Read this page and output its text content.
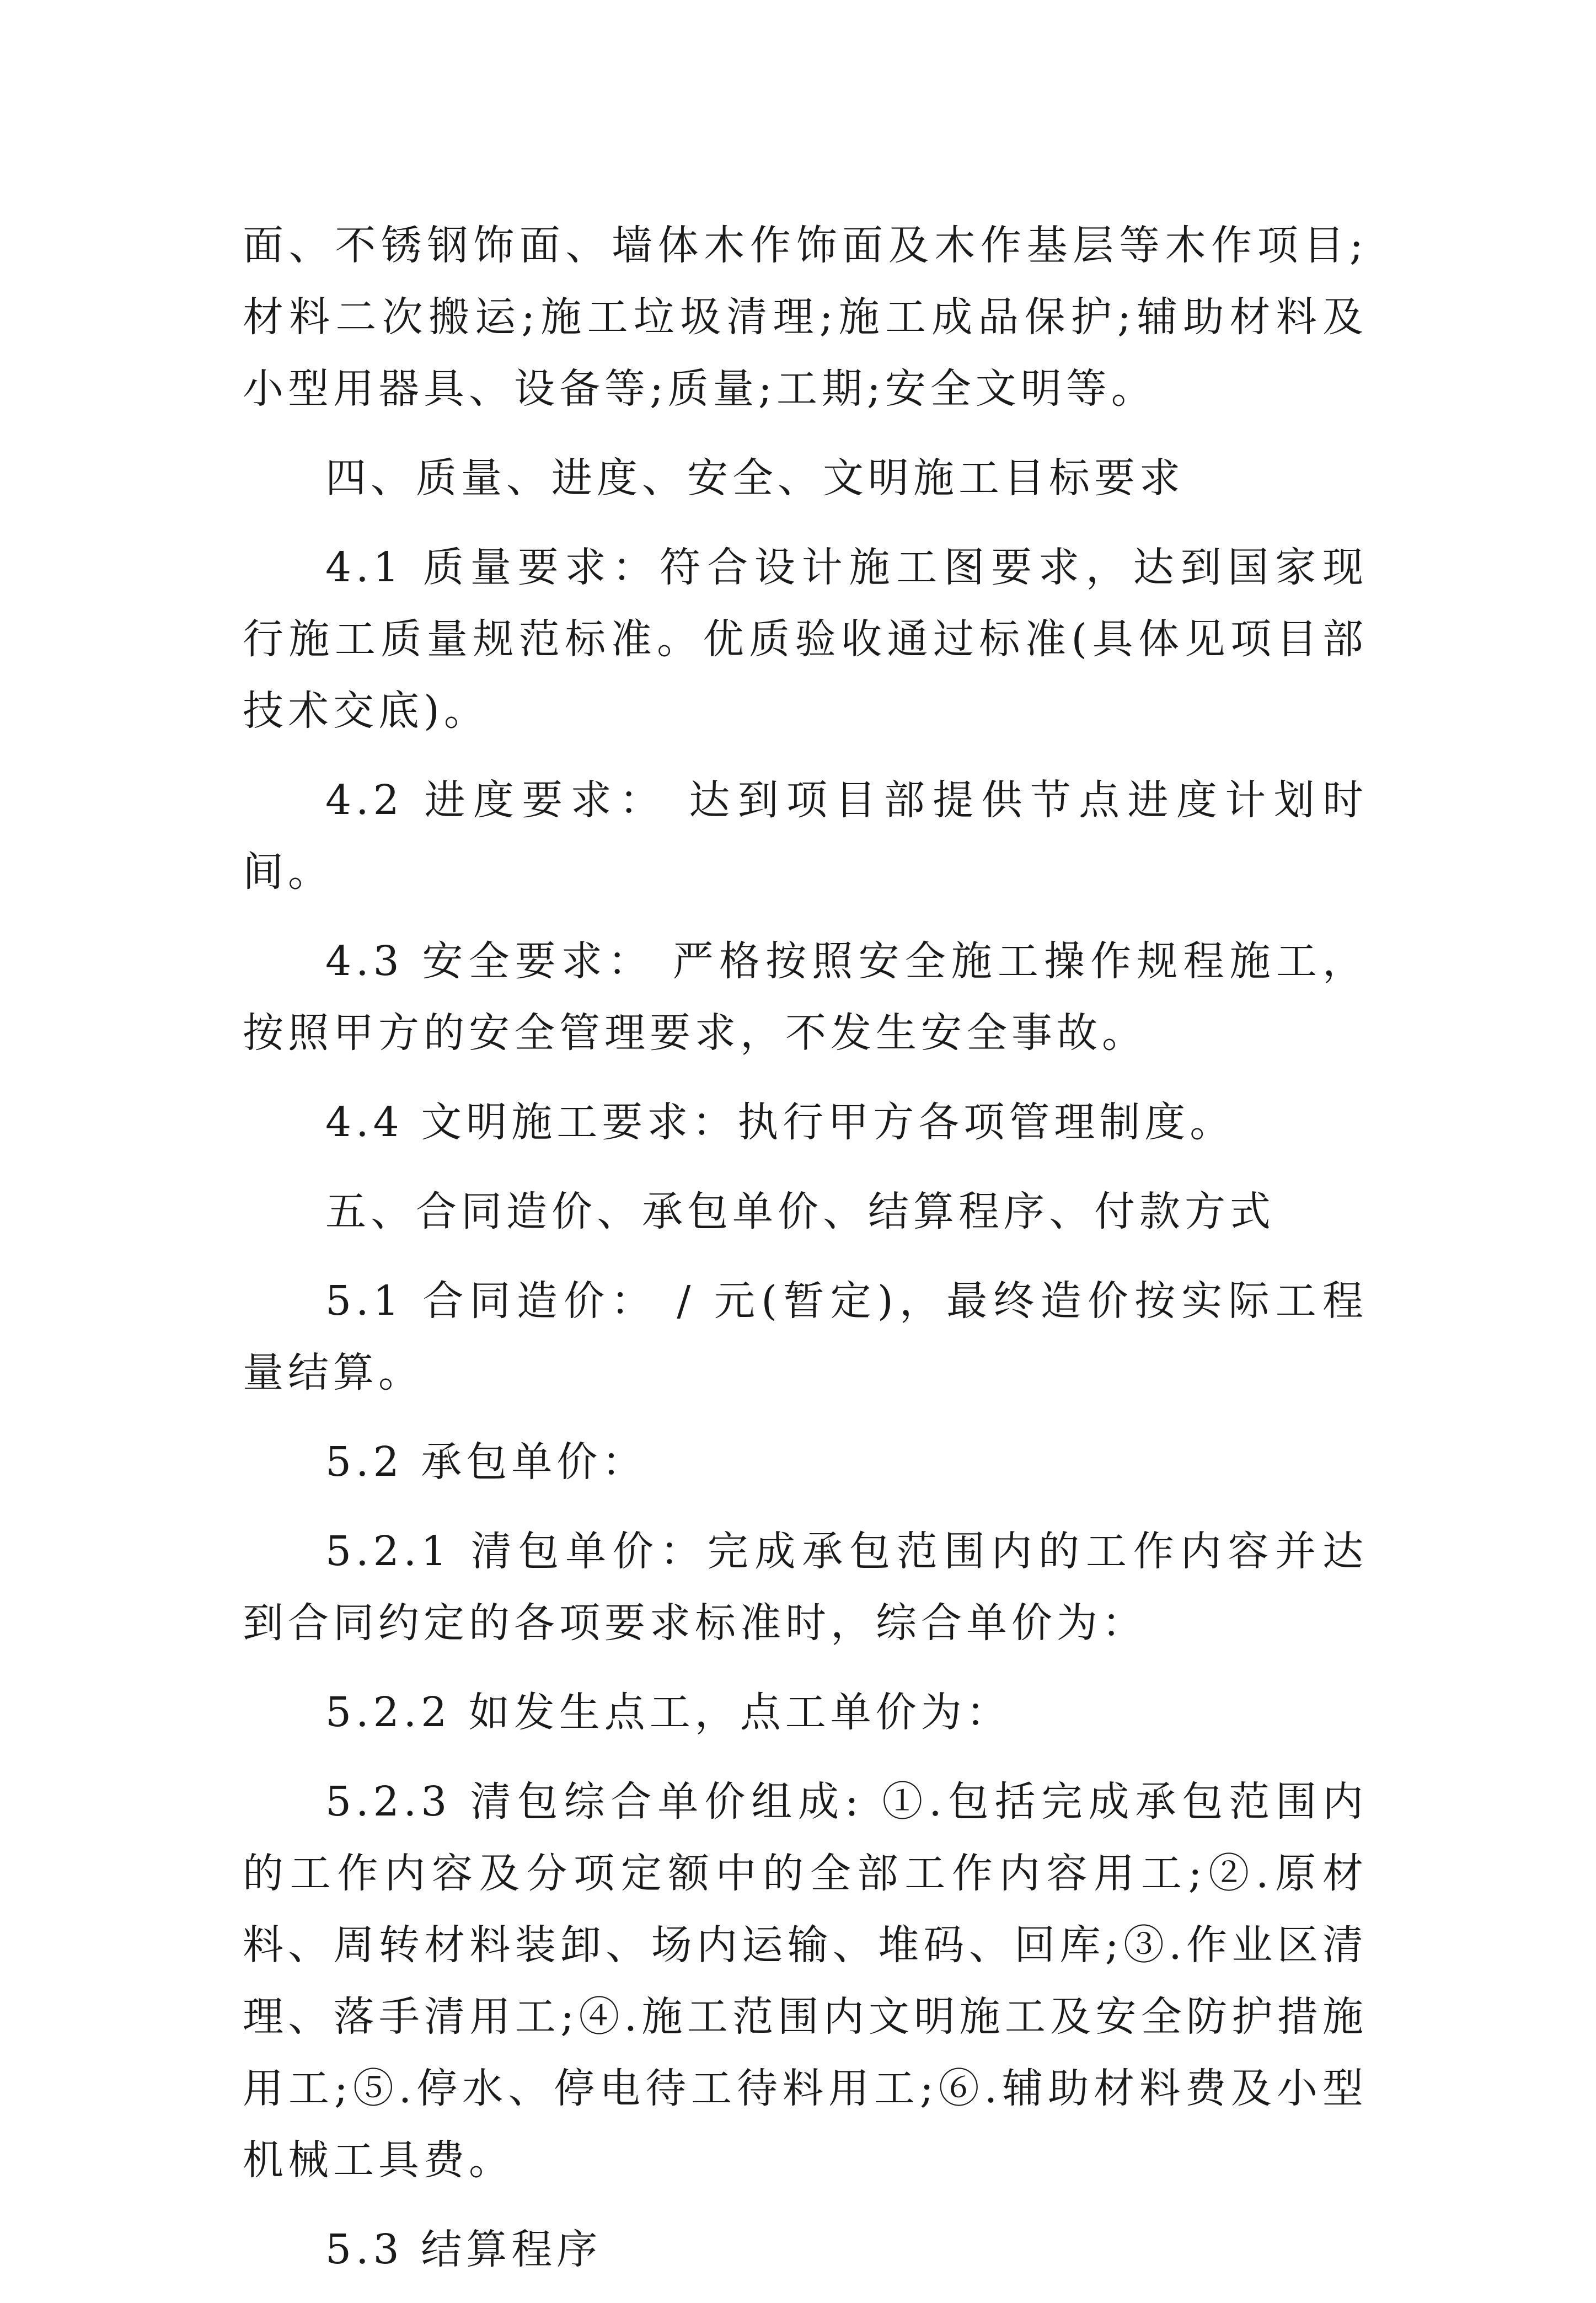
面、不锈钢饰面、墙体木作饰面及木作基层等木作项目;材料二次搬运;施工垃圾清理;施工成品保护;辅助材料及小型用器具、设备等;质量;工期;安全文明等。

四、质量、进度、安全、文明施工目标要求

4.1 质量要求：符合设计施工图要求，达到国家现行施工质量规范标准。优质验收通过标准(具体见项目部技术交底)。

4.2 进度要求： 达到项目部提供节点进度计划时间。

4.3 安全要求： 严格按照安全施工操作规程施工，按照甲方的安全管理要求，不发生安全事故。

4.4 文明施工要求：执行甲方各项管理制度。

五、合同造价、承包单价、结算程序、付款方式

5.1 合同造价： / 元(暂定)，最终造价按实际工程量结算。

5.2 承包单价：

5.2.1 清包单价：完成承包范围内的工作内容并达到合同约定的各项要求标准时，综合单价为：

5.2.2 如发生点工，点工单价为：

5.2.3 清包综合单价组成: ①.包括完成承包范围内的工作内容及分项定额中的全部工作内容用工;②.原材料、周转材料装卸、场内运输、堆码、回库;③.作业区清理、落手清用工;④.施工范围内文明施工及安全防护措施用工;⑤.停水、停电待工待料用工;⑥.辅助材料费及小型机械工具费。

5.3 结算程序
